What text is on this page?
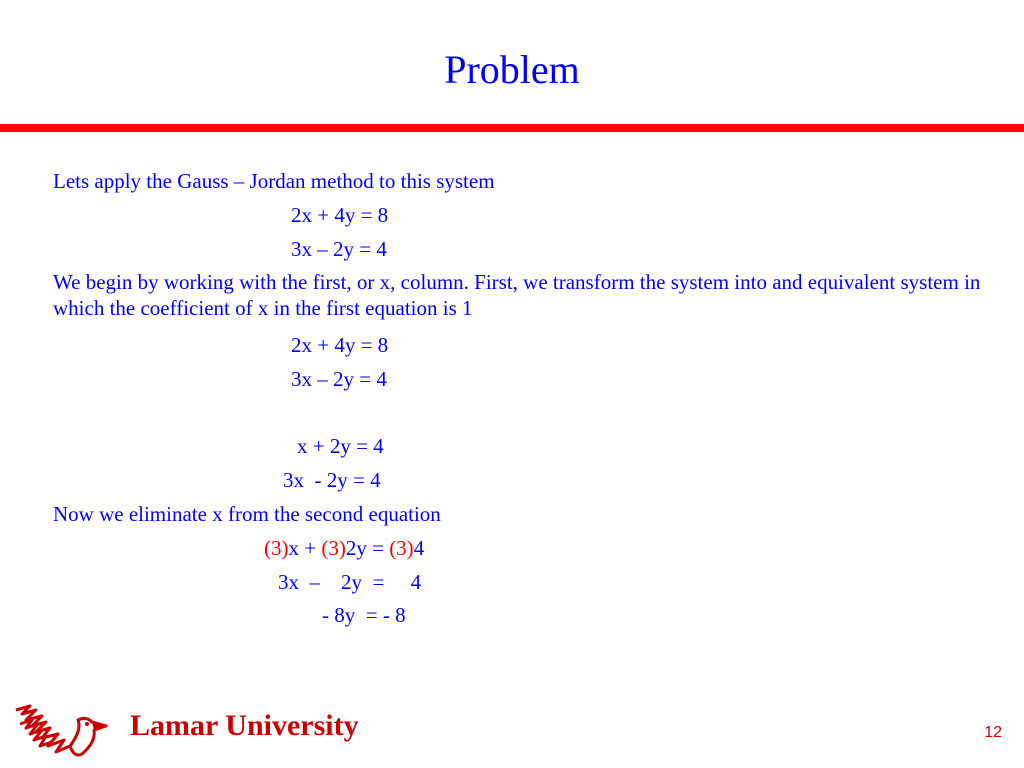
Problem
Lets apply the Gauss – Jordan method to this system
2x + 4y = 8
3x – 2y = 4
We begin by working with the first, or x, column. First, we transform the system into and equivalent system in which the coefficient of x in the first equation is 1
2x + 4y = 8
3x – 2y = 4
x + 2y = 4
3x  - 2y = 4
Now we eliminate x from the second equation
(3)x + (3)2y = (3)4
3x  –    2y  =     4
- 8y  = - 8
Lamar University	12
